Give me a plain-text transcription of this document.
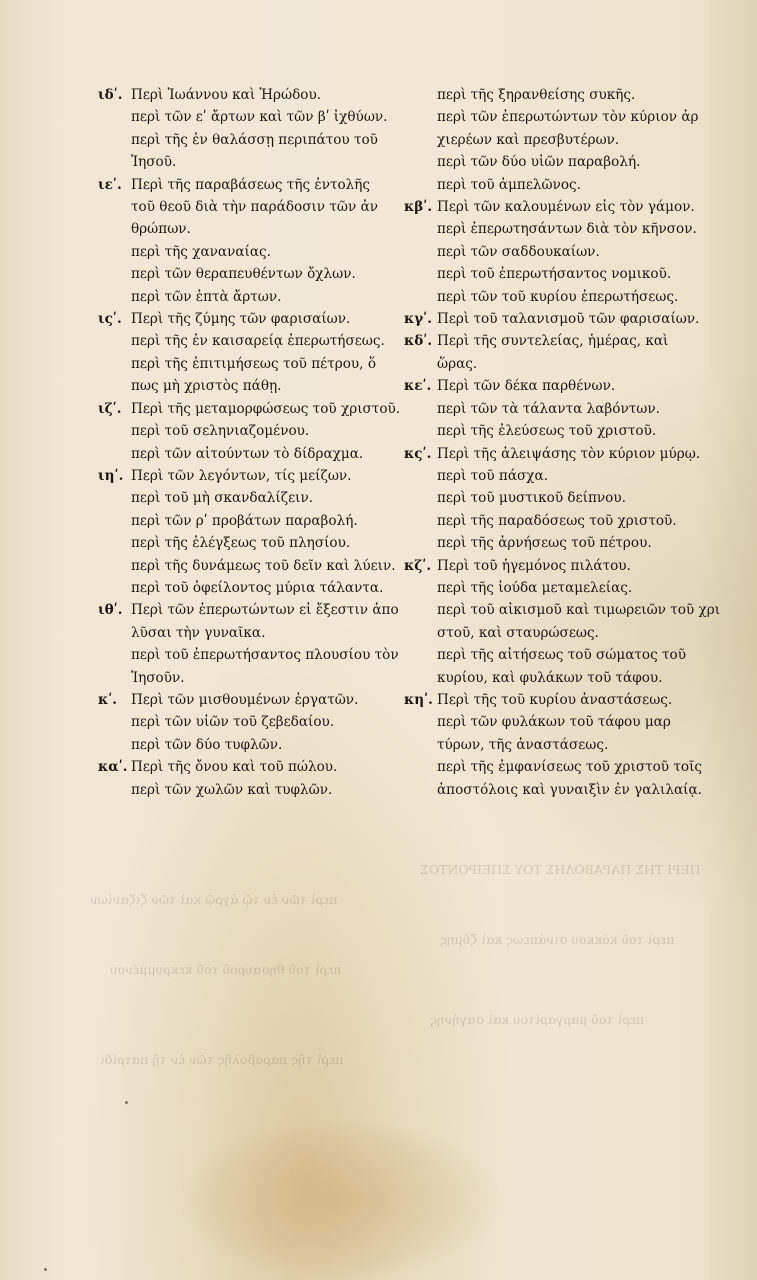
ΠΕΡΙ ΤΗΣ ΠΑΡΑΒΟΛΗΣ ΤΟΥ ΣΠΕΙΡΟΝΤΟΣ
περὶ τῶν ἐν τῷ ἀγρῷ καὶ τῶν ζιζανίων
περὶ τοῦ κόκκου σινάπεως καὶ ζύμης
περὶ τοῦ θησαυροῦ τοῦ κεκρυμμένου
περὶ τοῦ μαργαρίτου καὶ σαγήνης
περὶ τῆς παραβολῆς τῶν ἐν τῇ πατρίδι
ιδʹ. Περὶ Ἰωάννου καὶ Ἡρώδου.
περὶ τῶν εʹ ἄρτων καὶ τῶν βʹ ἰχθύων.
περὶ τῆς ἐν θαλάσσῃ περιπάτου τοῦ
Ἰησοῦ.
ιεʹ. Περὶ τῆς παραβάσεως τῆς ἐντολῆς
τοῦ θεοῦ διὰ τὴν παράδοσιν τῶν ἀν
θρώπων.
περὶ τῆς χαναναίας.
περὶ τῶν θεραπευθέντων ὄχλων.
περὶ τῶν ἑπτὰ ἄρτων.
ιςʹ. Περὶ τῆς ζύμης τῶν φαρισαίων.
περὶ τῆς ἐν καισαρείᾳ ἐπερωτήσεως.
περὶ τῆς ἐπιτιμήσεως τοῦ πέτρου, ὅ
πως μὴ χριστὸς πάθῃ.
ιζʹ. Περὶ τῆς μεταμορφώσεως τοῦ χριστοῦ.
περὶ τοῦ σεληνιαζομένου.
περὶ τῶν αἰτούντων τὸ δίδραχμα.
ιηʹ. Περὶ τῶν λεγόντων, τίς μείζων.
περὶ τοῦ μὴ σκανδαλίζειν.
περὶ τῶν ρʹ προβάτων παραβολή.
περὶ τῆς ἐλέγξεως τοῦ πλησίου.
περὶ τῆς δυνάμεως τοῦ δεῖν καὶ λύειν.
περὶ τοῦ ὀφείλοντος μύρια τάλαντα.
ιθʹ. Περὶ τῶν ἐπερωτώντων εἰ ἔξεστιν ἀπο
λῦσαι τὴν γυναῖκα.
περὶ τοῦ ἐπερωτήσαντος πλουσίου τὸν
Ἰησοῦν.
κʹ.	Περὶ τῶν μισθουμένων ἐργατῶν.
περὶ τῶν υἱῶν τοῦ ζεβεδαίου.
περὶ τῶν δύο τυφλῶν.
καʹ. Περὶ τῆς ὄνου καὶ τοῦ πώλου.
περὶ τῶν χωλῶν καὶ τυφλῶν.
περὶ τῆς ξηρανθείσης συκῆς.
περὶ τῶν ἐπερωτώντων τὸν κύριον ἀρ
χιερέων καὶ πρεσβυτέρων.
περὶ τῶν δύο υἱῶν παραβολή.
περὶ τοῦ ἀμπελῶνος.
κβʹ. Περὶ τῶν καλουμένων εἰς τὸν γάμον.
περὶ ἐπερωτησάντων διὰ τὸν κῆνσον.
περὶ τῶν σαδδουκαίων.
περὶ τοῦ ἐπερωτήσαντος νομικοῦ.
περὶ τῶν τοῦ κυρίου ἐπερωτήσεως.
κγʹ. Περὶ τοῦ ταλανισμοῦ τῶν φαρισαίων.
κδʹ. Περὶ τῆς συντελείας, ἡμέρας, καὶ
ὥρας.
κεʹ. Περὶ τῶν δέκα παρθένων.
περὶ τῶν τὰ τάλαντα λαβόντων.
περὶ τῆς ἐλεύσεως τοῦ χριστοῦ.
κςʹ. Περὶ τῆς ἀλειψάσης τὸν κύριον μύρῳ.
περὶ τοῦ πάσχα.
περὶ τοῦ μυστικοῦ δείπνου.
περὶ τῆς παραδόσεως τοῦ χριστοῦ.
περὶ τῆς ἀρνήσεως τοῦ πέτρου.
κζʹ. Περὶ τοῦ ἡγεμόνος πιλάτου.
περὶ τῆς ἰούδα μεταμελείας.
περὶ τοῦ αἰκισμοῦ καὶ τιμωρειῶν τοῦ χρι
στοῦ, καὶ σταυρώσεως.
περὶ τῆς αἰτήσεως τοῦ σώματος τοῦ
κυρίου, καὶ φυλάκων τοῦ τάφου.
κηʹ. Περὶ τῆς τοῦ κυρίου ἀναστάσεως.
περὶ τῶν φυλάκων τοῦ τάφου μαρ
τύρων, τῆς ἀναστάσεως.
περὶ τῆς ἐμφανίσεως τοῦ χριστοῦ τοῖς
ἀποστόλοις καὶ γυναιξὶν ἐν γαλιλαίᾳ.
